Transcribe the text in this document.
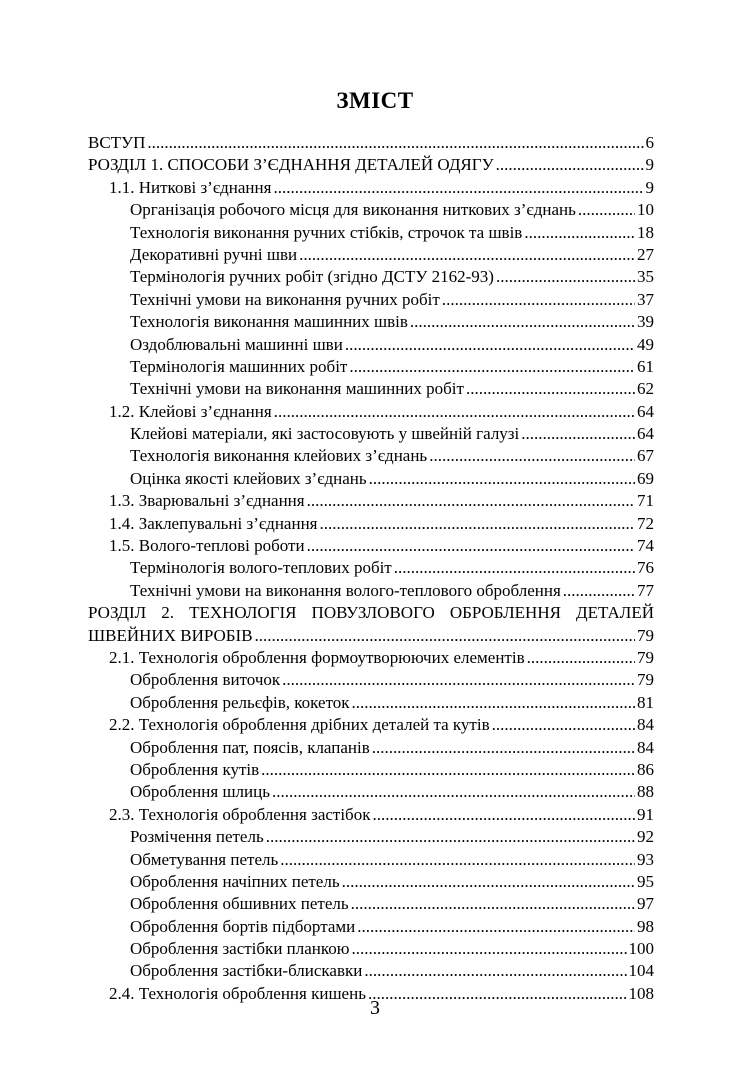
ЗМІСТ
ВСТУП .....	6
РОЗДІЛ 1. СПОСОБИ З’ЄДНАННЯ ДЕТАЛЕЙ ОДЯГУ .....	9
1.1. Ниткові з’єднання .....	9
Організація робочого місця для виконання ниткових з’єднань .....	10
Технологія виконання ручних стібків, строчок та швів .....	18
Декоративні ручні шви .....	27
Термінологія ручних робіт (згідно ДСТУ 2162-93) .....	35
Технічні умови на виконання ручних робіт .....	37
Технологія виконання машинних швів .....	39
Оздоблювальні машинні шви .....	49
Термінологія машинних робіт .....	61
Технічні умови на виконання машинних робіт .....	62
1.2. Клейові з’єднання .....	64
Клейові матеріали, які застосовують у швейній галузі .....	64
Технологія виконання клейових з’єднань .....	67
Оцінка якості клейових з’єднань .....	69
1.3. Зварювальні з’єднання .....	71
1.4. Заклепувальні з’єднання .....	72
1.5. Волого-теплові роботи .....	74
Термінологія волого-теплових робіт .....	76
Технічні умови на виконання волого-теплового оброблення .....	77
РОЗДІЛ 2. ТЕХНОЛОГІЯ ПОВУЗЛОВОГО ОБРОБЛЕННЯ ДЕТАЛЕЙ
ШВЕЙНИХ ВИРОБІВ .....	79
2.1. Технологія оброблення формоутворюючих елементів .....	79
Оброблення виточок .....	79
Оброблення рельєфів, кокеток .....	81
2.2. Технологія оброблення дрібних деталей та кутів .....	84
Оброблення пат, поясів, клапанів .....	84
Оброблення кутів .....	86
Оброблення шлиць .....	88
2.3. Технологія оброблення застібок .....	91
Розмічення петель .....	92
Обметування петель .....	93
Оброблення начіпних петель .....	95
Оброблення обшивних петель .....	97
Оброблення бортів підбортами .....	98
Оброблення застібки планкою .....	100
Оброблення застібки-блискавки .....	104
2.4. Технологія оброблення кишень .....	108
3
